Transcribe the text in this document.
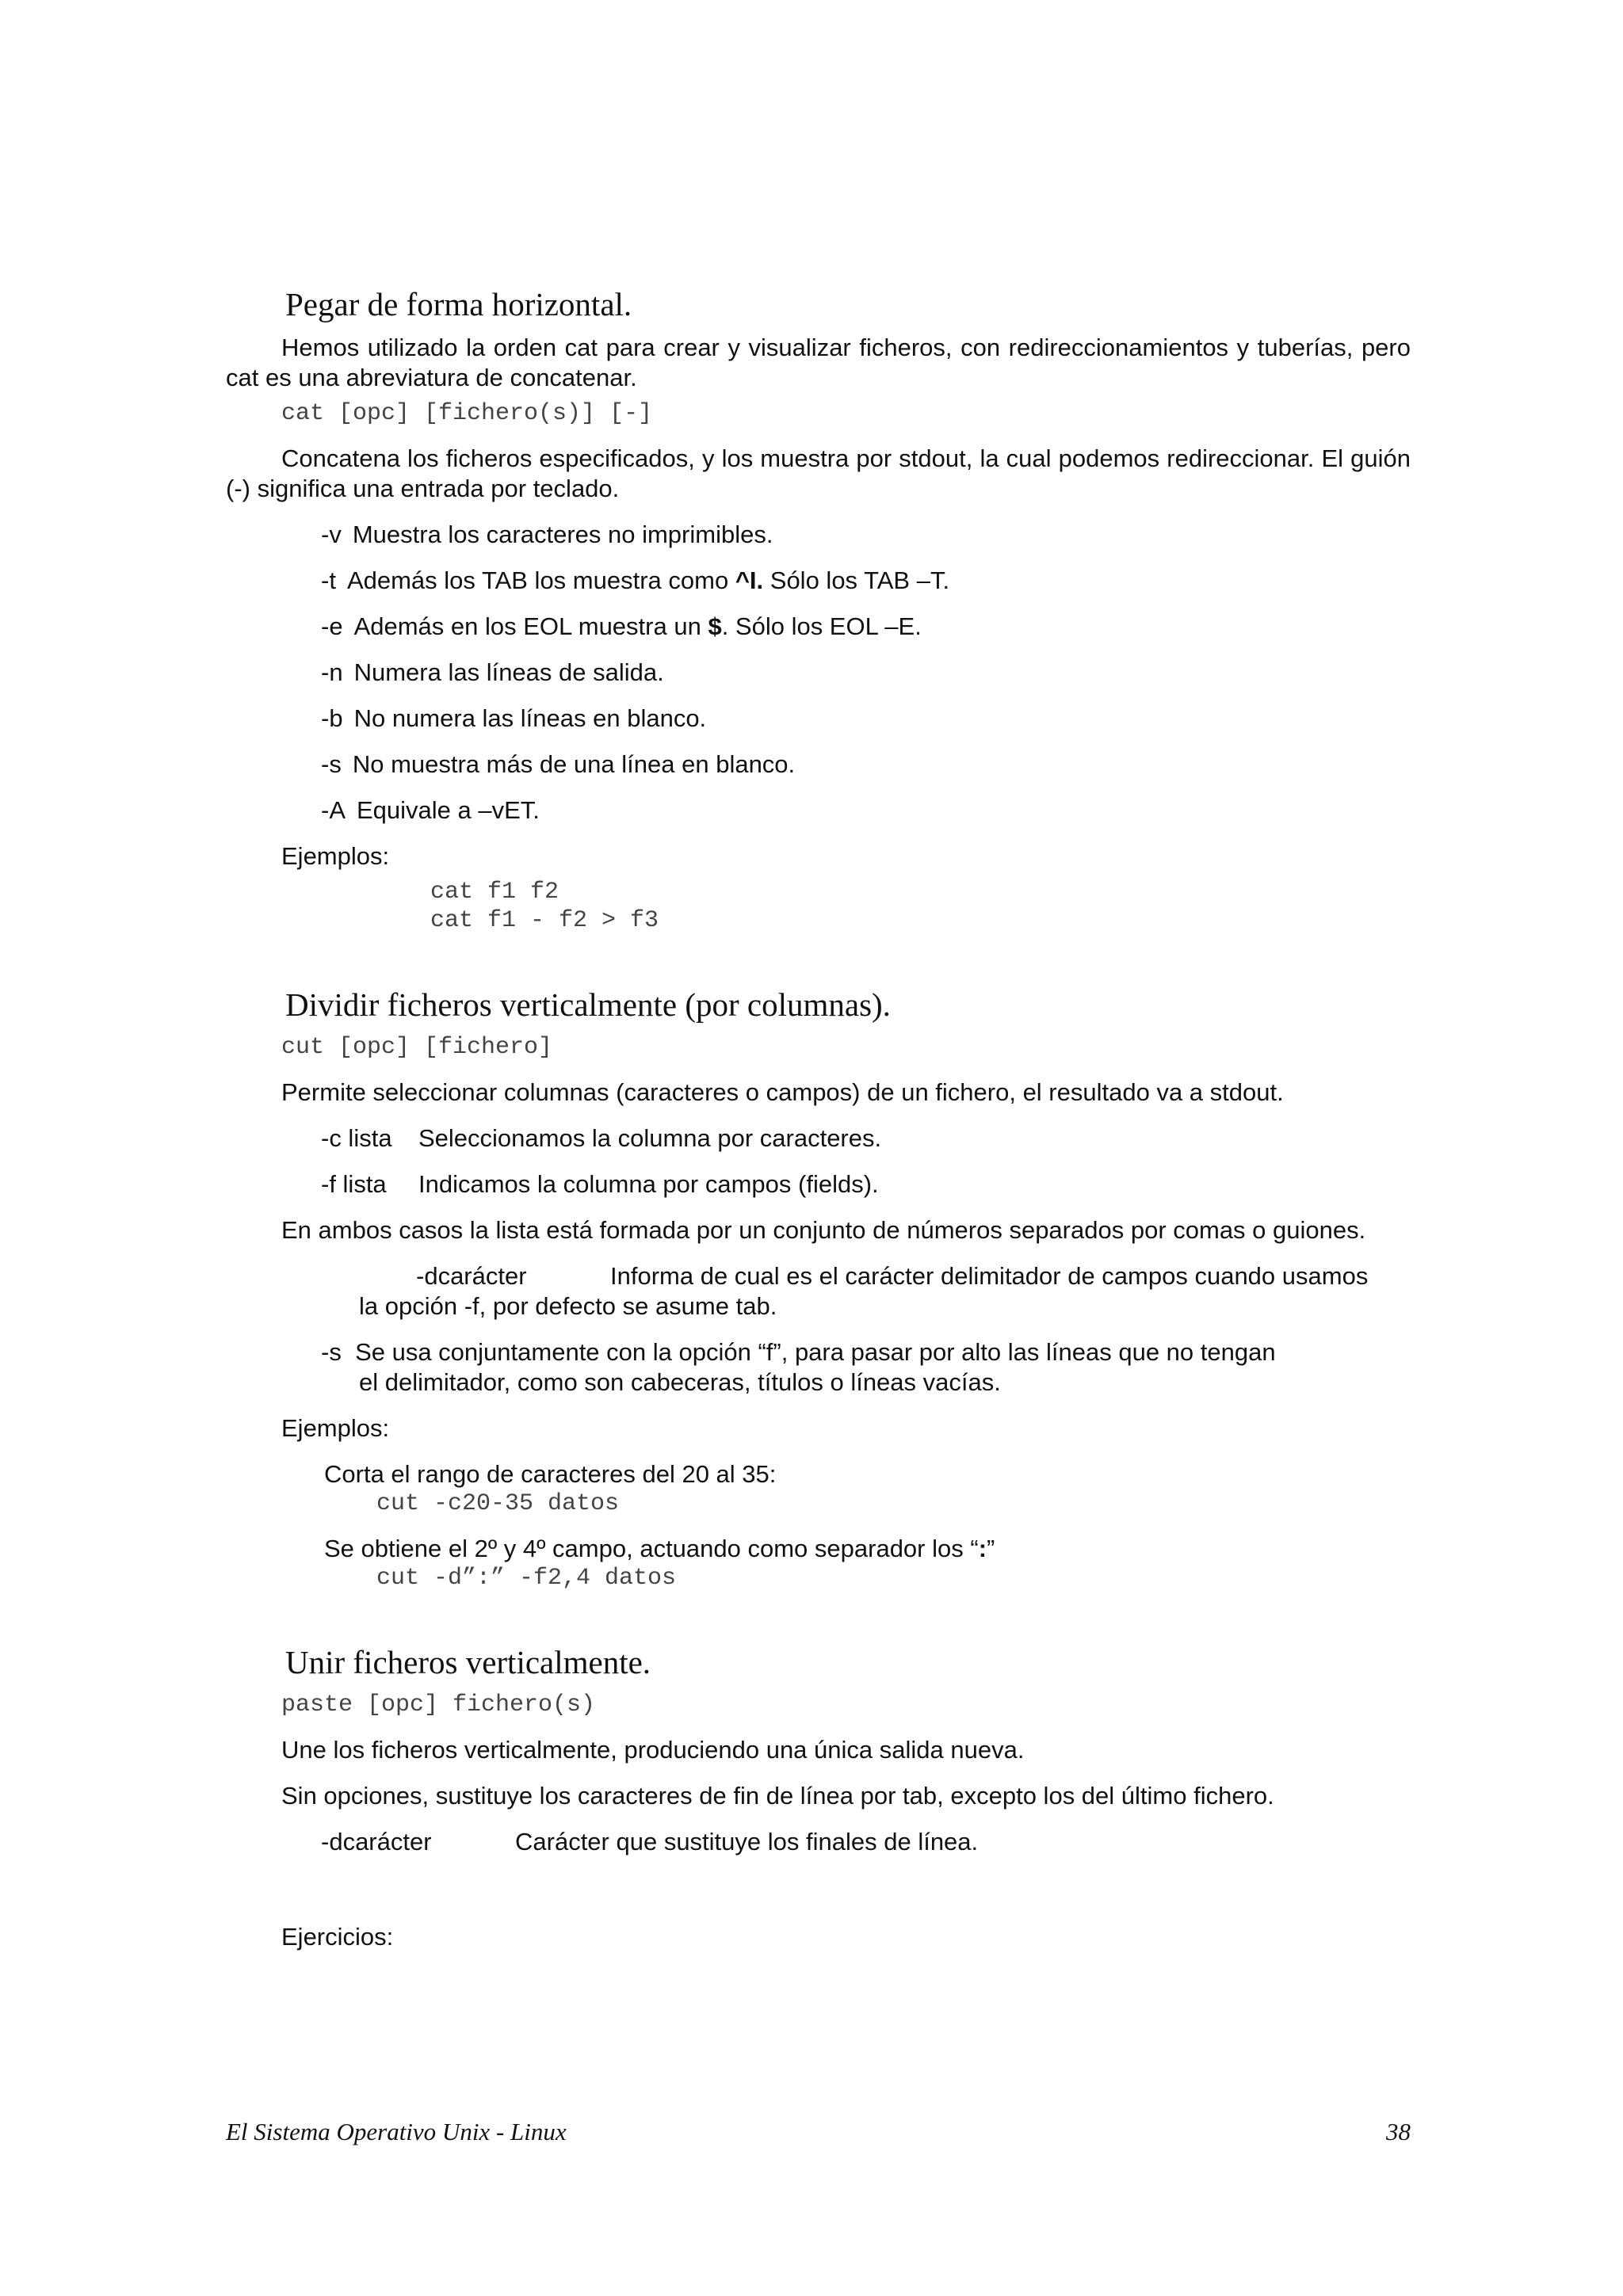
Pegar de forma horizontal.

Hemos utilizado la orden cat para crear y visualizar ficheros, con redireccionamientos y tuberías, pero cat es una abreviatura de concatenar.

cat [opc] [fichero(s)] [-]

Concatena los ficheros especificados, y los muestra por stdout, la cual podemos redireccionar. El guión (-) significa una entrada por teclado.

-v Muestra los caracteres no imprimibles.
-t Además los TAB los muestra como ^I. Sólo los TAB –T.
-e Además en los EOL muestra un $. Sólo los EOL –E.
-n Numera las líneas de salida.
-b No numera las líneas en blanco.
-s No muestra más de una línea en blanco.
-A Equivale a –vET.

Ejemplos:

cat f1 f2
cat f1 - f2 > f3
Dividir ficheros verticalmente (por columnas).
cut [opc] [fichero]

Permite seleccionar columnas (caracteres o campos) de un fichero, el resultado va a stdout.

-c lista	Seleccionamos la columna por caracteres.
-f lista	Indicamos la columna por campos (fields).

En ambos casos la lista está formada por un conjunto de números separados por comas o guiones.

-dcarácter	Informa de cual es el carácter delimitador de campos cuando usamos
la opción -f, por defecto se asume tab.
-s Se usa conjuntamente con la opción “f”, para pasar por alto las líneas que no tengan
el delimitador, como son cabeceras, títulos o líneas vacías.

Ejemplos:

Corta el rango de caracteres del 20 al 35:

cut -c20-35 datos

Se obtiene el 2º y 4º campo, actuando como separador los “:”

cut -d”:” -f2,4 datos
Unir ficheros verticalmente.
paste [opc] fichero(s)

Une los ficheros verticalmente, produciendo una única salida nueva.

Sin opciones, sustituye los caracteres de fin de línea por tab, excepto los del último fichero.

-dcarácter	Carácter que sustituye los finales de línea.

Ejercicios:

El Sistema Operativo Unix - Linux	38
